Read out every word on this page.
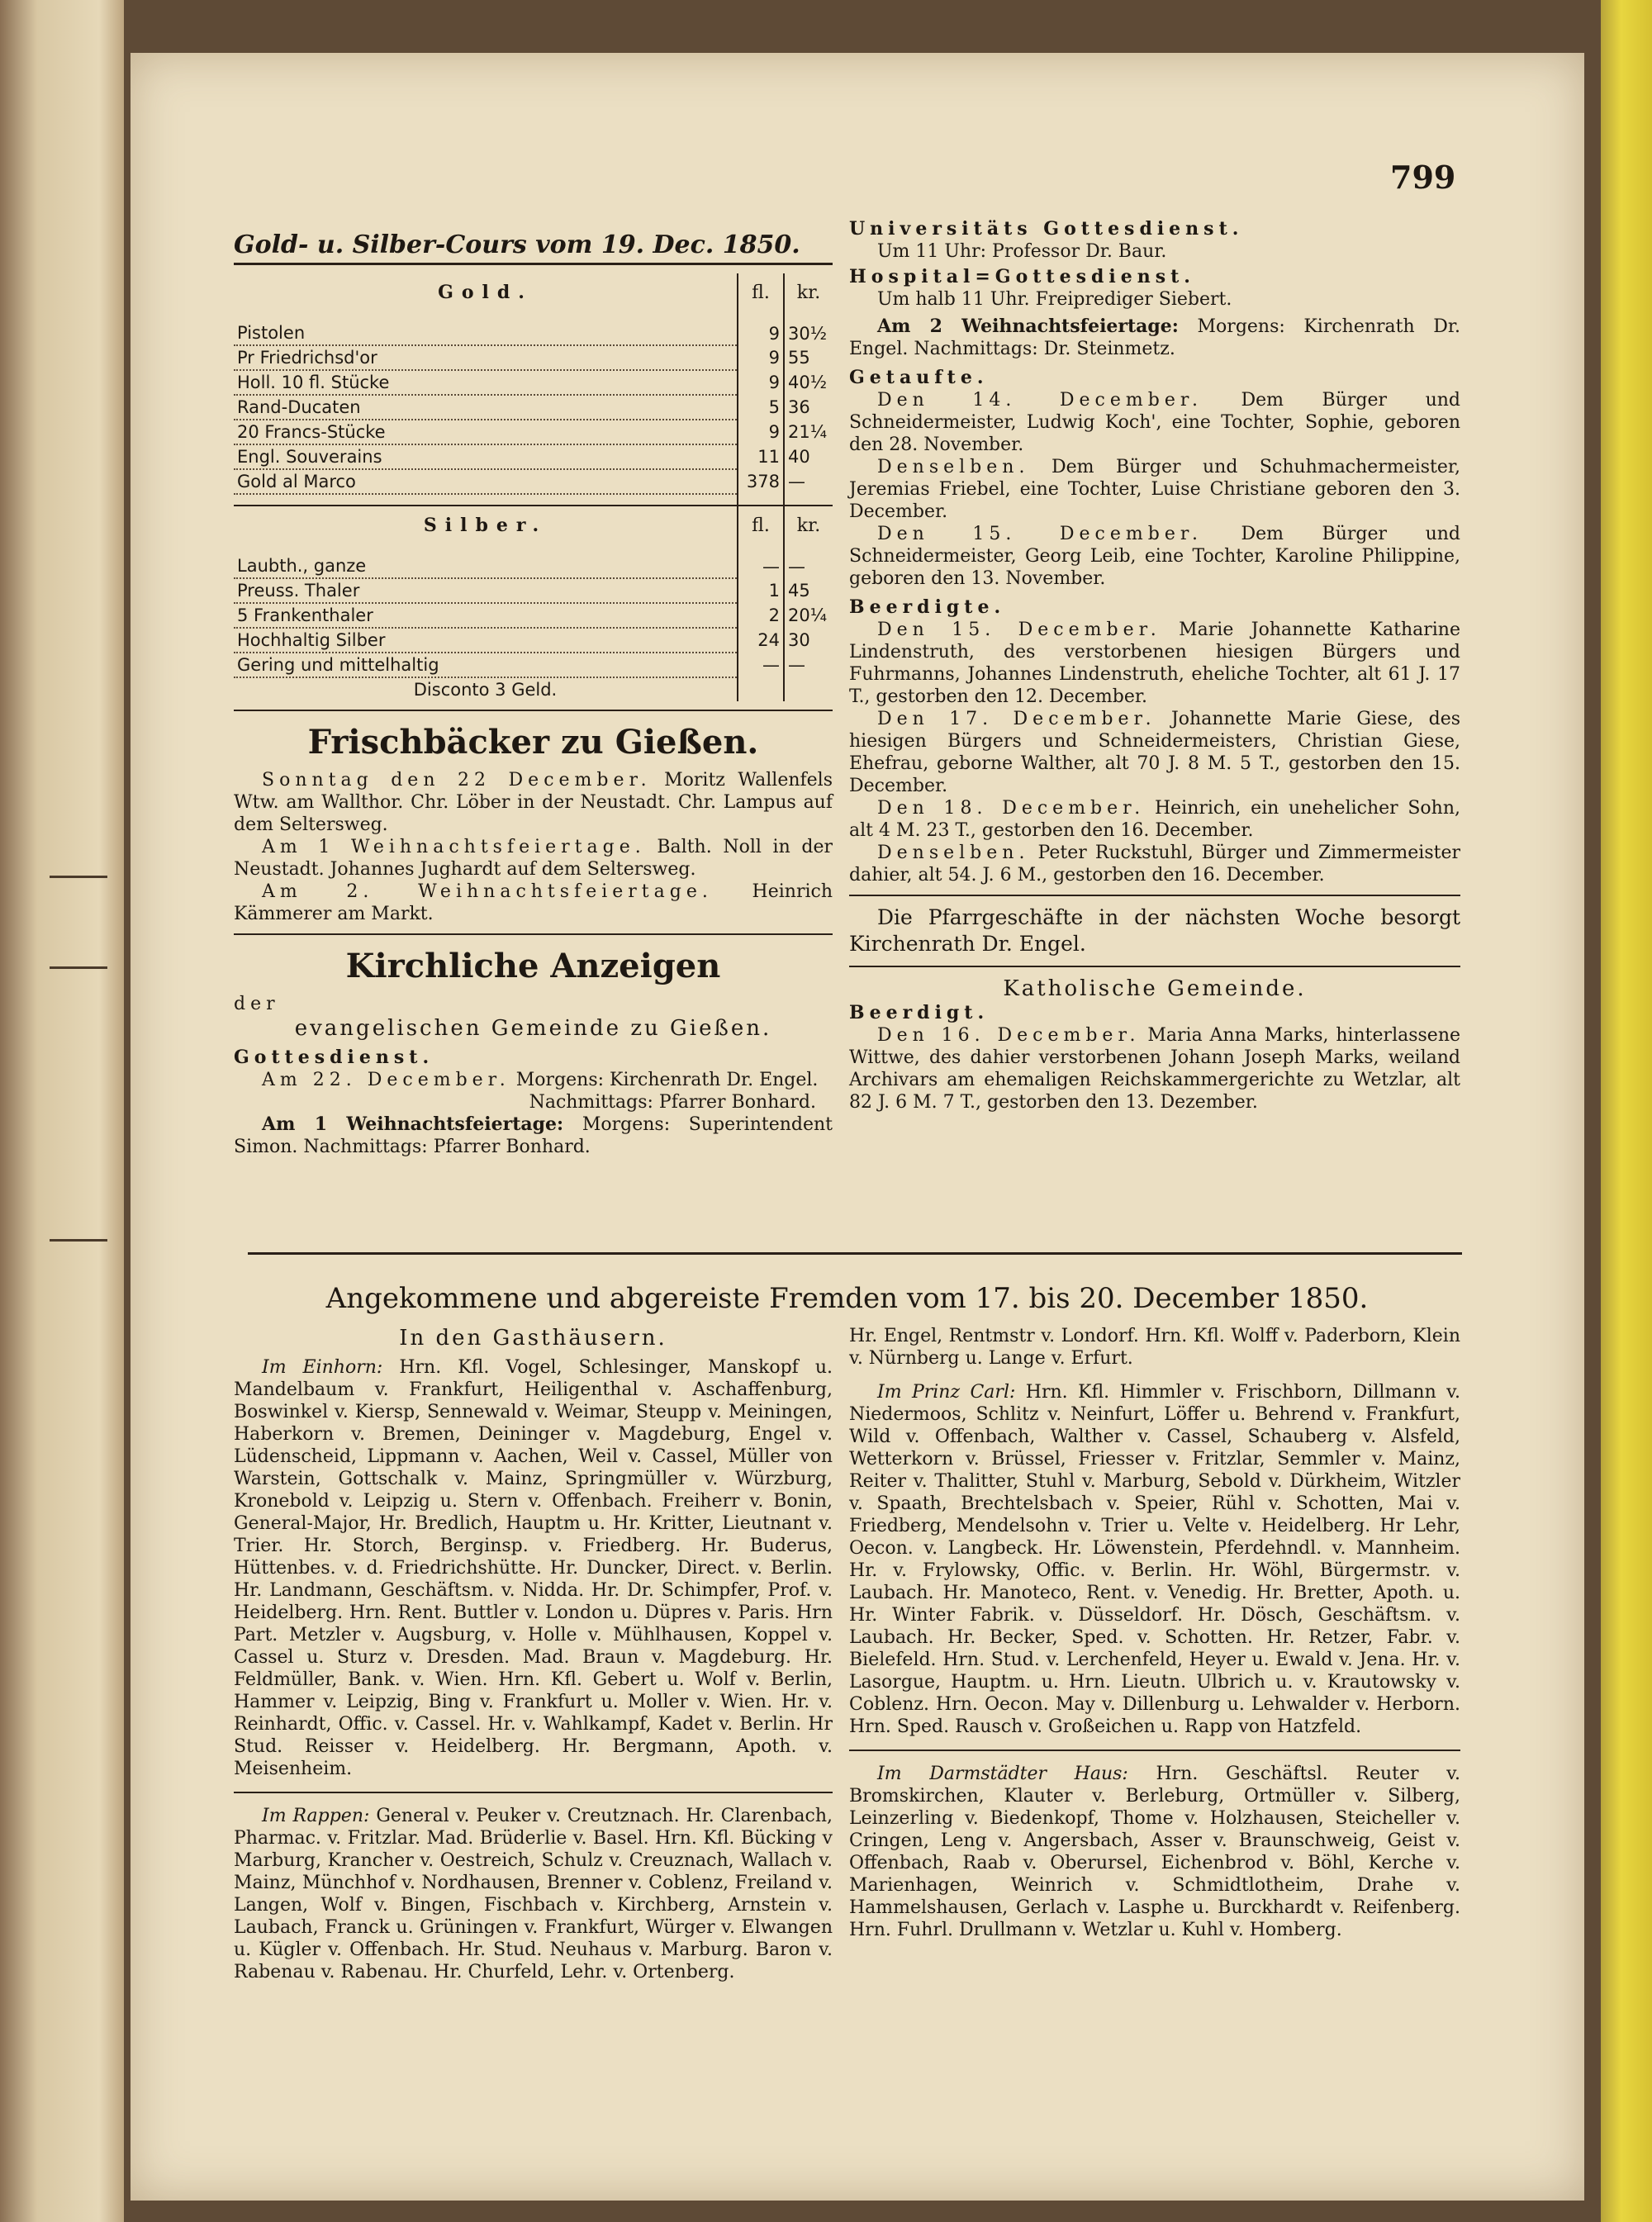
799
Gold- u. Silber-Cours vom 19. Dec. 1850.
Gold.	fl.	kr.

Pistolen	9	30½
Pr Friedrichsd'or	9	55
Holl. 10 fl. Stücke	9	40½
Rand-Ducaten	5	36
20 Francs-Stücke	9	21¼
Engl. Souverains	11	40
Gold al Marco	378	—

Silber.	fl.	kr.

Laubth., ganze	—	—
Preuss. Thaler	1	45
5 Frankenthaler	2	20¼
Hochhaltig Silber	24	30
Gering und mittelhaltig	—	—
Disconto 3 Geld.		
Frischbäcker zu Gießen.

Sonntag den 22 December. Moritz Wallenfels Wtw. am Wallthor. Chr. Löber in der Neustadt. Chr. Lampus auf dem Seltersweg.

Am 1 Weihnachtsfeiertage. Balth. Noll in der Neustadt. Johannes Jughardt auf dem Seltersweg.

Am 2. Weihnachtsfeiertage. Heinrich Kämmerer am Markt.

Kirchliche Anzeigen

der

evangelischen Gemeinde zu Gießen.

Gottesdienst.

Am 22. December. Morgens: Kirchenrath Dr. Engel.

Nachmittags: Pfarrer Bonhard.

Am 1 Weihnachtsfeiertage: Morgens: Superintendent Simon. Nachmittags: Pfarrer Bonhard.

Universitäts Gottesdienst.

Um 11 Uhr: Professor Dr. Baur.

Hospital=Gottesdienst.

Um halb 11 Uhr. Freiprediger Siebert.

Am 2 Weihnachtsfeiertage: Morgens: Kirchenrath Dr. Engel. Nachmittags: Dr. Steinmetz.

Getaufte.

Den 14. December. Dem Bürger und Schneidermeister, Ludwig Koch', eine Tochter, Sophie, geboren den 28. November.

Denselben. Dem Bürger und Schuhmachermeister, Jeremias Friebel, eine Tochter, Luise Christiane geboren den 3. December.

Den 15. December. Dem Bürger und Schneidermeister, Georg Leib, eine Tochter, Karoline Philippine, geboren den 13. November.

Beerdigte.

Den 15. December. Marie Johannette Katharine Lindenstruth, des verstorbenen hiesigen Bürgers und Fuhrmanns, Johannes Lindenstruth, eheliche Tochter, alt 61 J. 17 T., gestorben den 12. December.

Den 17. December. Johannette Marie Giese, des hiesigen Bürgers und Schneidermeisters, Christian Giese, Ehefrau, geborne Walther, alt 70 J. 8 M. 5 T., gestorben den 15. December.

Den 18. December. Heinrich, ein unehelicher Sohn, alt 4 M. 23 T., gestorben den 16. December.

Denselben. Peter Ruckstuhl, Bürger und Zimmermeister dahier, alt 54. J. 6 M., gestorben den 16. December.

Die Pfarrgeschäfte in der nächsten Woche besorgt Kirchenrath Dr. Engel.

Katholische Gemeinde.

Beerdigt.

Den 16. December. Maria Anna Marks, hinterlassene Wittwe, des dahier verstorbenen Johann Joseph Marks, weiland Archivars am ehemaligen Reichskammergerichte zu Wetzlar, alt 82 J. 6 M. 7 T., gestorben den 13. Dezember.

Angekommene und abgereiste Fremden vom 17. bis 20. December 1850.
In den Gasthäusern.

Im Einhorn: Hrn. Kfl. Vogel, Schlesinger, Manskopf u. Mandelbaum v. Frankfurt, Heiligenthal v. Aschaffenburg, Boswinkel v. Kiersp, Sennewald v. Weimar, Steupp v. Meiningen, Haberkorn v. Bremen, Deininger v. Magdeburg, Engel v. Lüdenscheid, Lippmann v. Aachen, Weil v. Cassel, Müller von Warstein, Gottschalk v. Mainz, Springmüller v. Würzburg, Kronebold v. Leipzig u. Stern v. Offenbach. Freiherr v. Bonin, General-Major, Hr. Bredlich, Hauptm u. Hr. Kritter, Lieutnant v. Trier. Hr. Storch, Berginsp. v. Friedberg. Hr. Buderus, Hüttenbes. v. d. Friedrichshütte. Hr. Duncker, Direct. v. Berlin. Hr. Landmann, Geschäftsm. v. Nidda. Hr. Dr. Schimpfer, Prof. v. Heidelberg. Hrn. Rent. Buttler v. London u. Düpres v. Paris. Hrn Part. Metzler v. Augsburg, v. Holle v. Mühlhausen, Koppel v. Cassel u. Sturz v. Dresden. Mad. Braun v. Magdeburg. Hr. Feldmüller, Bank. v. Wien. Hrn. Kfl. Gebert u. Wolf v. Berlin, Hammer v. Leipzig, Bing v. Frankfurt u. Moller v. Wien. Hr. v. Reinhardt, Offic. v. Cassel. Hr. v. Wahlkampf, Kadet v. Berlin. Hr Stud. Reisser v. Heidelberg. Hr. Bergmann, Apoth. v. Meisenheim.

Im Rappen: General v. Peuker v. Creutznach. Hr. Clarenbach, Pharmac. v. Fritzlar. Mad. Brüderlie v. Basel. Hrn. Kfl. Bücking v Marburg, Krancher v. Oestreich, Schulz v. Creuznach, Wallach v. Mainz, Münchhof v. Nordhausen, Brenner v. Coblenz, Freiland v. Langen, Wolf v. Bingen, Fischbach v. Kirchberg, Arnstein v. Laubach, Franck u. Grüningen v. Frankfurt, Würger v. Elwangen u. Kügler v. Offenbach. Hr. Stud. Neuhaus v. Marburg. Baron v. Rabenau v. Rabenau. Hr. Churfeld, Lehr. v. Ortenberg.

Hr. Engel, Rentmstr v. Londorf. Hrn. Kfl. Wolff v. Paderborn, Klein v. Nürnberg u. Lange v. Erfurt.

Im Prinz Carl: Hrn. Kfl. Himmler v. Frischborn, Dillmann v. Niedermoos, Schlitz v. Neinfurt, Löffer u. Behrend v. Frankfurt, Wild v. Offenbach, Walther v. Cassel, Schauberg v. Alsfeld, Wetterkorn v. Brüssel, Friesser v. Fritzlar, Semmler v. Mainz, Reiter v. Thalitter, Stuhl v. Marburg, Sebold v. Dürkheim, Witzler v. Spaath, Brechtelsbach v. Speier, Rühl v. Schotten, Mai v. Friedberg, Mendelsohn v. Trier u. Velte v. Heidelberg. Hr Lehr, Oecon. v. Langbeck. Hr. Löwenstein, Pferdehndl. v. Mannheim. Hr. v. Frylowsky, Offic. v. Berlin. Hr. Wöhl, Bürgermstr. v. Laubach. Hr. Manoteco, Rent. v. Venedig. Hr. Bretter, Apoth. u. Hr. Winter Fabrik. v. Düsseldorf. Hr. Dösch, Geschäftsm. v. Laubach. Hr. Becker, Sped. v. Schotten. Hr. Retzer, Fabr. v. Bielefeld. Hrn. Stud. v. Lerchenfeld, Heyer u. Ewald v. Jena. Hr. v. Lasorgue, Hauptm. u. Hrn. Lieutn. Ulbrich u. v. Krautowsky v. Coblenz. Hrn. Oecon. May v. Dillenburg u. Lehwalder v. Herborn. Hrn. Sped. Rausch v. Großeichen u. Rapp von Hatzfeld.

Im Darmstädter Haus: Hrn. Geschäftsl. Reuter v. Bromskirchen, Klauter v. Berleburg, Ortmüller v. Silberg, Leinzerling v. Biedenkopf, Thome v. Holzhausen, Steicheller v. Cringen, Leng v. Angersbach, Asser v. Braunschweig, Geist v. Offenbach, Raab v. Oberursel, Eichenbrod v. Böhl, Kerche v. Marienhagen, Weinrich v. Schmidtlotheim, Drahe v. Hammelshausen, Gerlach v. Lasphe u. Burckhardt v. Reifenberg. Hrn. Fuhrl. Drullmann v. Wetzlar u. Kuhl v. Homberg.
